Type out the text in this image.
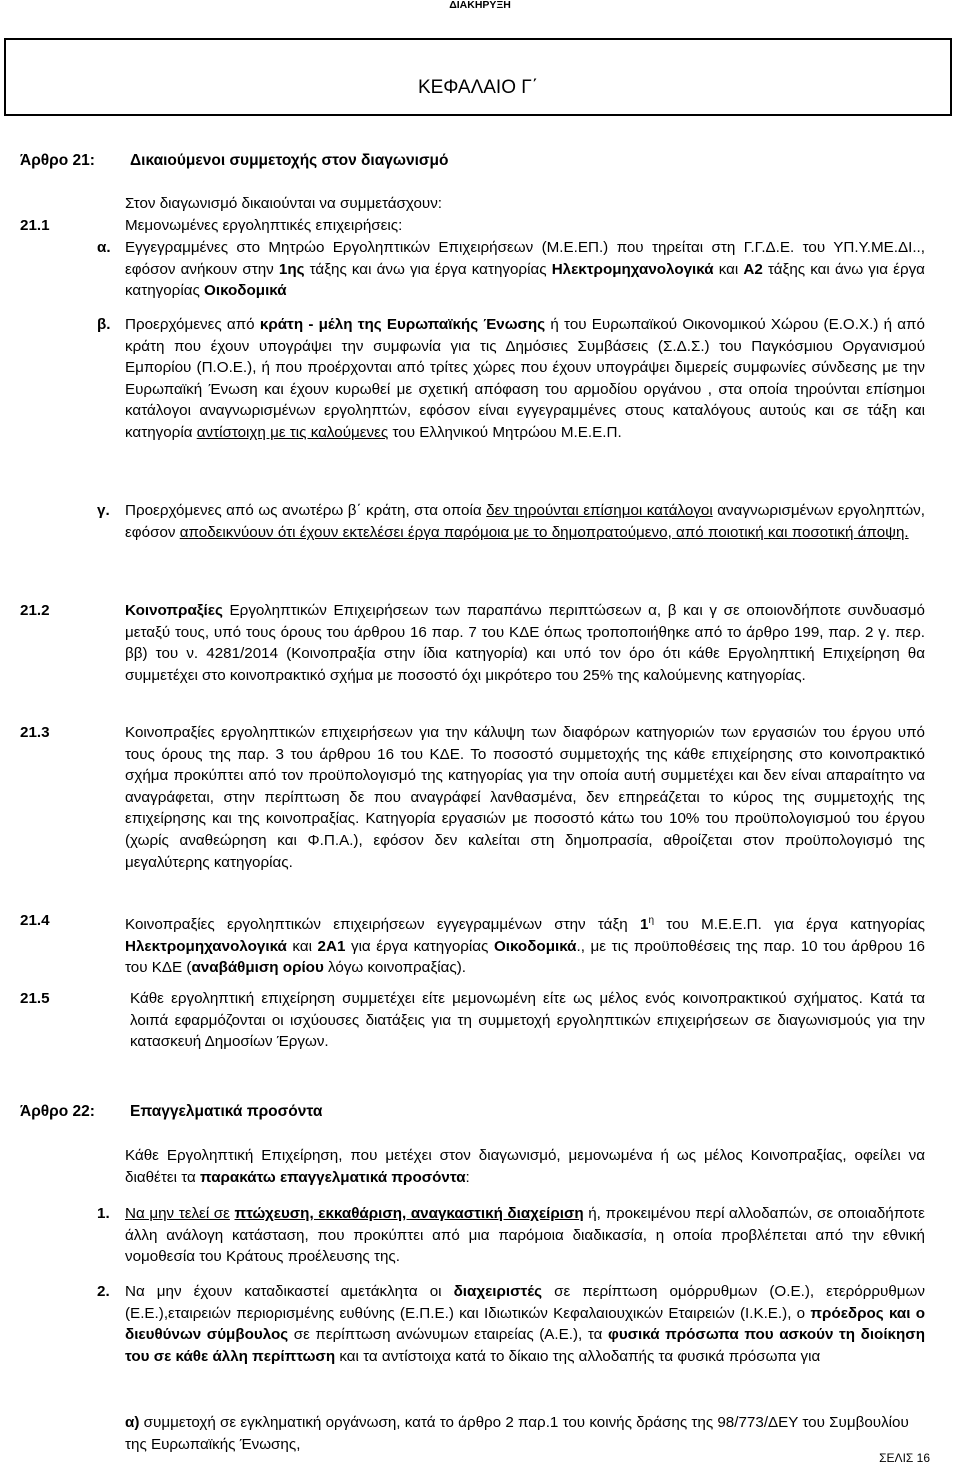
ΔΙΑΚΗΡΥΞΗ
ΚΕΦΑΛΑΙΟ Γ΄
Άρθρο 21: Δικαιούμενοι συμμετοχής στον διαγωνισμό
Στον διαγωνισμό δικαιούνται να συμμετάσχουν:
21.1	Μεμονωμένες εργοληπτικές επιχειρήσεις:
α. Εγγεγραμμένες στο Μητρώο Εργοληπτικών Επιχειρήσεων (Μ.Ε.ΕΠ.) που τηρείται στη Γ.Γ.Δ.Ε. του ΥΠ.Υ.ΜΕ.ΔΙ.., εφόσον ανήκουν στην 1ης τάξης και άνω για έργα κατηγορίας Ηλεκτρομηχανολογικά και Α2 τάξης και άνω για έργα κατηγορίας Οικοδομικά
β. Προερχόμενες από κράτη - μέλη της Ευρωπαϊκής Ένωσης ή του Ευρωπαϊκού Οικονομικού Χώρου (Ε.Ο.Χ.) ή από κράτη που έχουν υπογράψει την συμφωνία για τις Δημόσιες Συμβάσεις (Σ.Δ.Σ.) του Παγκόσμιου Οργανισμού Εμπορίου (Π.Ο.Ε.), ή που προέρχονται από τρίτες χώρες που έχουν υπογράψει διμερείς συμφωνίες σύνδεσης με την Ευρωπαϊκή Ένωση και έχουν κυρωθεί με σχετική απόφαση του αρμοδίου οργάνου , στα οποία τηρούνται επίσημοι κατάλογοι αναγνωρισμένων εργοληπτών, εφόσον είναι εγγεγραμμένες στους καταλόγους αυτούς και σε τάξη και κατηγορία αντίστοιχη με τις καλούμενες του Ελληνικού Μητρώου Μ.Ε.Ε.Π.
γ. Προερχόμενες από ως ανωτέρω β΄ κράτη, στα οποία δεν τηρούνται επίσημοι κατάλογοι αναγνωρισμένων εργοληπτών, εφόσον αποδεικνύουν ότι έχουν εκτελέσει έργα παρόμοια με το δημοπρατούμενο, από ποιοτική και ποσοτική άποψη.
21.2	Κοινοπραξίες Εργοληπτικών Επιχειρήσεων των παραπάνω περιπτώσεων α, β και γ σε οποιονδήποτε συνδυασμό μεταξύ τους, υπό τους όρους του άρθρου 16 παρ. 7 του ΚΔΕ όπως τροποποιήθηκε από το άρθρο 199, παρ. 2 γ. περ. ββ) του ν. 4281/2014 (Κοινοπραξία στην ίδια κατηγορία) και υπό τον όρο ότι κάθε Εργοληπτική Επιχείρηση θα συμμετέχει στο κοινοπρακτικό σχήμα με ποσοστό όχι μικρότερο του 25% της καλούμενης κατηγορίας.
21.3	Κοινοπραξίες εργοληπτικών επιχειρήσεων για την κάλυψη των διαφόρων κατηγοριών των εργασιών του έργου υπό τους όρους της παρ. 3 του άρθρου 16 του ΚΔΕ. Το ποσοστό συμμετοχής της κάθε επιχείρησης στο κοινοπρακτικό σχήμα προκύπτει από τον προϋπολογισμό της κατηγορίας για την οποία αυτή συμμετέχει και δεν είναι απαραίτητο να αναγράφεται, στην περίπτωση δε που αναγράφεί λανθασμένα, δεν επηρεάζεται το κύρος της συμμετοχής της επιχείρησης και της κοινοπραξίας. Κατηγορία εργασιών με ποσοστό κάτω του 10% του προϋπολογισμού του έργου (χωρίς αναθεώρηση και Φ.Π.Α.), εφόσον δεν καλείται στη δημοπρασία, αθροίζεται στον προϋπολογισμό της μεγαλύτερης κατηγορίας.
21.4	Κοινοπραξίες εργοληπτικών επιχειρήσεων εγγεγραμμένων στην τάξη $1^\eta$ του Μ.Ε.Ε.Π. για έργα κατηγορίας Ηλεκτρομηχανολογικά και 2Α1 για έργα κατηγορίας Οικοδομικά., με τις προϋποθέσεις της παρ. 10 του άρθρου 16 του ΚΔΕ (αναβάθμιση ορίου λόγω κοινοπραξίας).
21.5	Κάθε εργοληπτική επιχείρηση συμμετέχει είτε μεμονωμένη είτε ως μέλος ενός κοινοπρακτικού σχήματος. Κατά τα λοιπά εφαρμόζονται οι ισχύουσες διατάξεις για τη συμμετοχή εργοληπτικών επιχειρήσεων σε διαγωνισμούς για την κατασκευή Δημοσίων Έργων.
Άρθρο 22: Επαγγελματικά προσόντα
Κάθε Εργοληπτική Επιχείρηση, που μετέχει στον διαγωνισμό, μεμονωμένα ή ως μέλος Κοινοπραξίας, οφείλει να διαθέτει τα παρακάτω επαγγελματικά προσόντα:
1. Να μην τελεί σε πτώχευση, εκκαθάριση, αναγκαστική διαχείριση ή, προκειμένου περί αλλοδαπών, σε οποιαδήποτε άλλη ανάλογη κατάσταση, που προκύπτει από μια παρόμοια διαδικασία, η οποία προβλέπεται από την εθνική νομοθεσία του Κράτους προέλευσης της.
2. Να μην έχουν καταδικαστεί αμετάκλητα οι διαχειριστές σε περίπτωση ομόρρυθμων (Ο.Ε.), ετερόρρυθμων (Ε.Ε.),εταιρειών περιορισμένης ευθύνης (Ε.Π.Ε.) και Ιδιωτικών Κεφαλαιουχικών Εταιρειών (Ι.Κ.Ε.), ο πρόεδρος και ο διευθύνων σύμβουλος σε περίπτωση ανώνυμων εταιρείας (Α.Ε.), τα φυσικά πρόσωπα που ασκούν τη διοίκηση του σε κάθε άλλη περίπτωση και τα αντίστοιχα κατά το δίκαιο της αλλοδαπής τα φυσικά πρόσωπα για
α) συμμετοχή σε εγκληματική οργάνωση, κατά το άρθρο 2 παρ.1 του κοινής δράσης της 98/773/ΔΕΥ του Συμβουλίου της Ευρωπαϊκής Ένωσης,
ΣΕΛΙΣ 16
